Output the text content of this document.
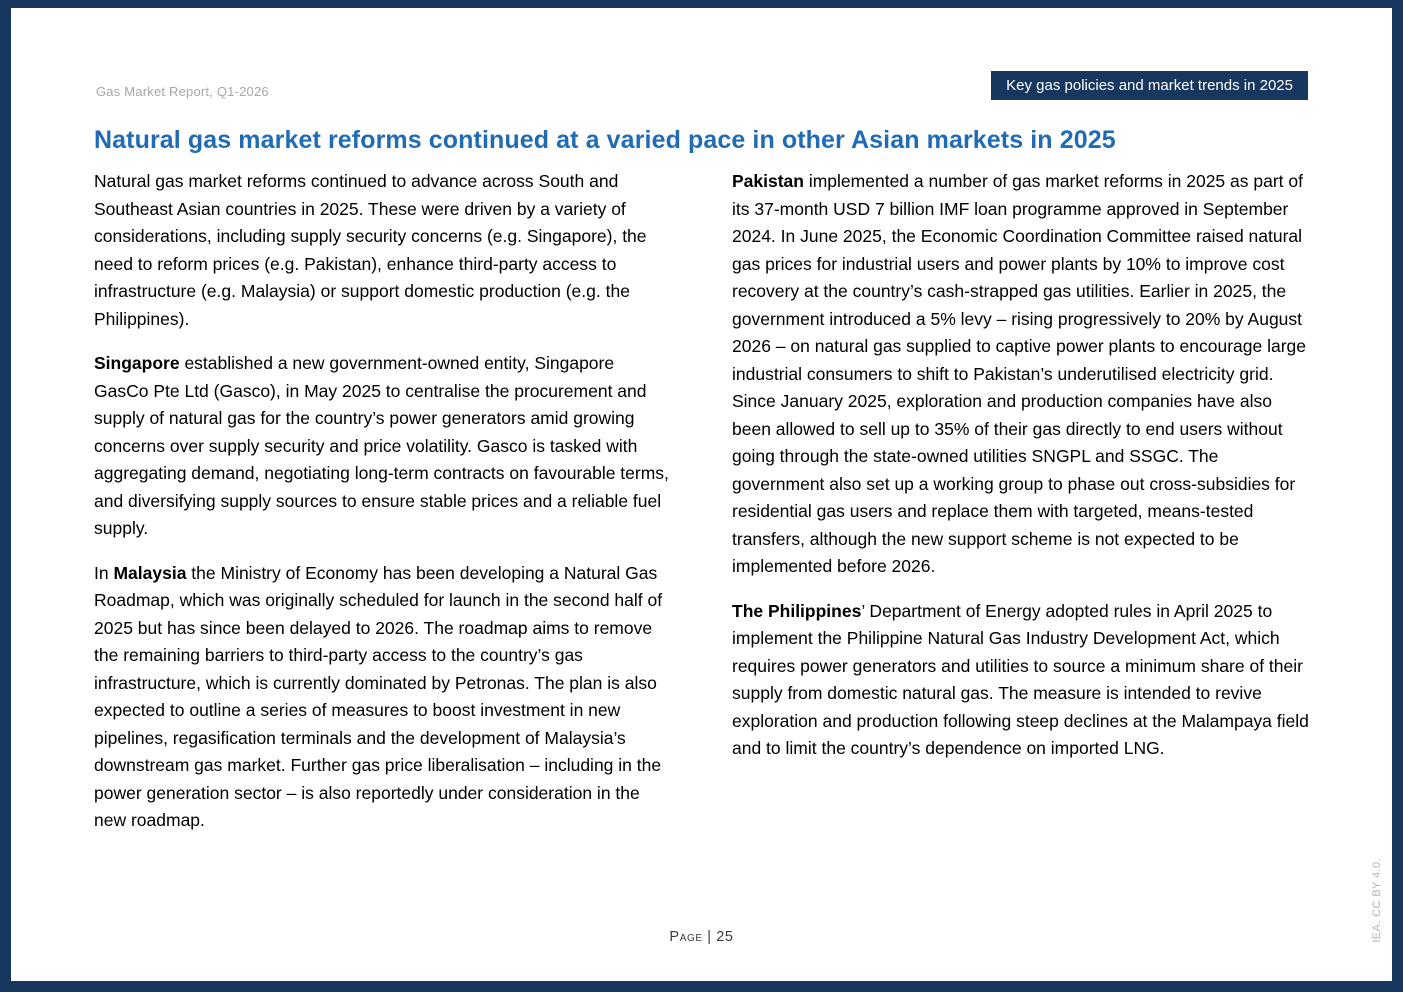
Gas Market Report, Q1-2026	Key gas policies and market trends in 2025
Natural gas market reforms continued at a varied pace in other Asian markets in 2025

Natural gas market reforms continued to advance across South and Southeast Asian countries in 2025. These were driven by a variety of considerations, including supply security concerns (e.g. Singapore), the need to reform prices (e.g. Pakistan), enhance third-party access to infrastructure (e.g. Malaysia) or support domestic production (e.g. the Philippines).

Singapore established a new government-owned entity, Singapore GasCo Pte Ltd (Gasco), in May 2025 to centralise the procurement and supply of natural gas for the country’s power generators amid growing concerns over supply security and price volatility. Gasco is tasked with aggregating demand, negotiating long-term contracts on favourable terms, and diversifying supply sources to ensure stable prices and a reliable fuel supply.

In Malaysia the Ministry of Economy has been developing a Natural Gas Roadmap, which was originally scheduled for launch in the second half of 2025 but has since been delayed to 2026. The roadmap aims to remove the remaining barriers to third-party access to the country’s gas infrastructure, which is currently dominated by Petronas. The plan is also expected to outline a series of measures to boost investment in new pipelines, regasification terminals and the development of Malaysia’s downstream gas market. Further gas price liberalisation – including in the power generation sector – is also reportedly under consideration in the new roadmap.

Pakistan implemented a number of gas market reforms in 2025 as part of its 37-month USD 7 billion IMF loan programme approved in September 2024. In June 2025, the Economic Coordination Committee raised natural gas prices for industrial users and power plants by 10% to improve cost recovery at the country’s cash-strapped gas utilities. Earlier in 2025, the government introduced a 5% levy – rising progressively to 20% by August 2026 – on natural gas supplied to captive power plants to encourage large industrial consumers to shift to Pakistan’s underutilised electricity grid. Since January 2025, exploration and production companies have also been allowed to sell up to 35% of their gas directly to end users without going through the state-owned utilities SNGPL and SSGC. The government also set up a working group to phase out cross-subsidies for residential gas users and replace them with targeted, means-tested transfers, although the new support scheme is not expected to be implemented before 2026.

The Philippines’ Department of Energy adopted rules in April 2025 to implement the Philippine Natural Gas Industry Development Act, which requires power generators and utilities to source a minimum share of their supply from domestic natural gas. The measure is intended to revive exploration and production following steep declines at the Malampaya field and to limit the country’s dependence on imported LNG.

Page | 25	IEA. CC BY 4.0.
